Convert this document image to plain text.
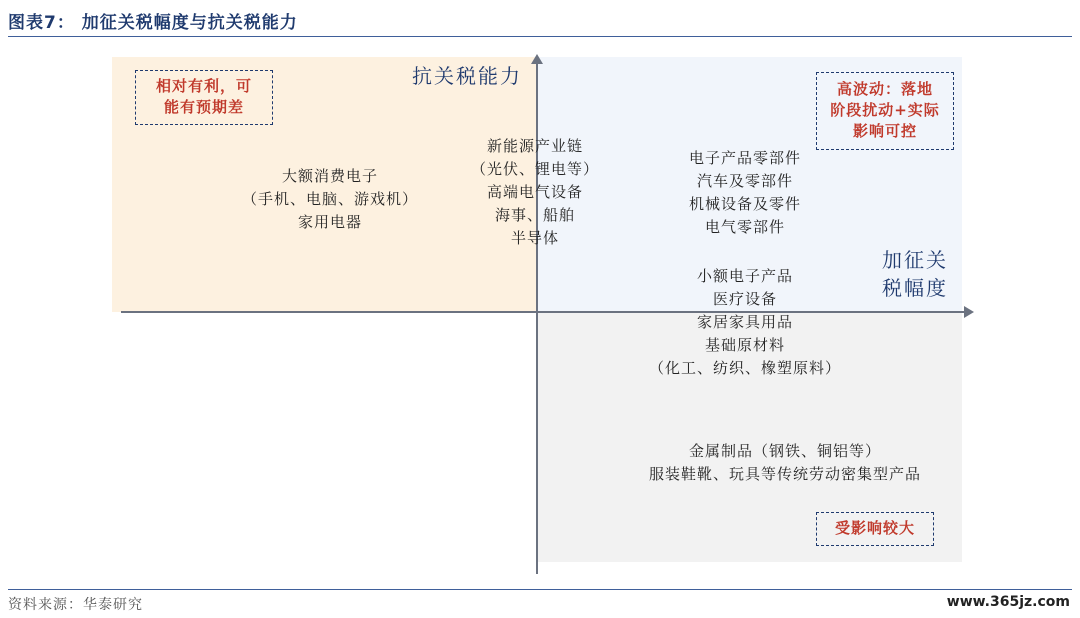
图表7： 加征关税幅度与抗关税能力
抗关税能力
加征关
税幅度
相对有利，可
能有预期差
高波动：落地
阶段扰动+实际
影响可控
受影响较大
大额消费电子
（手机、电脑、游戏机）
家用电器
新能源产业链
（光伏、锂电等）
高端电气设备
海事、船舶
半导体
电子产品零部件
汽车及零部件
机械设备及零件
电气零部件
小额电子产品
医疗设备
家居家具用品
基础原材料
（化工、纺织、橡塑原料）
金属制品（钢铁、铜铝等）
服装鞋靴、玩具等传统劳动密集型产品
资料来源：华泰研究	www.365jz.com
